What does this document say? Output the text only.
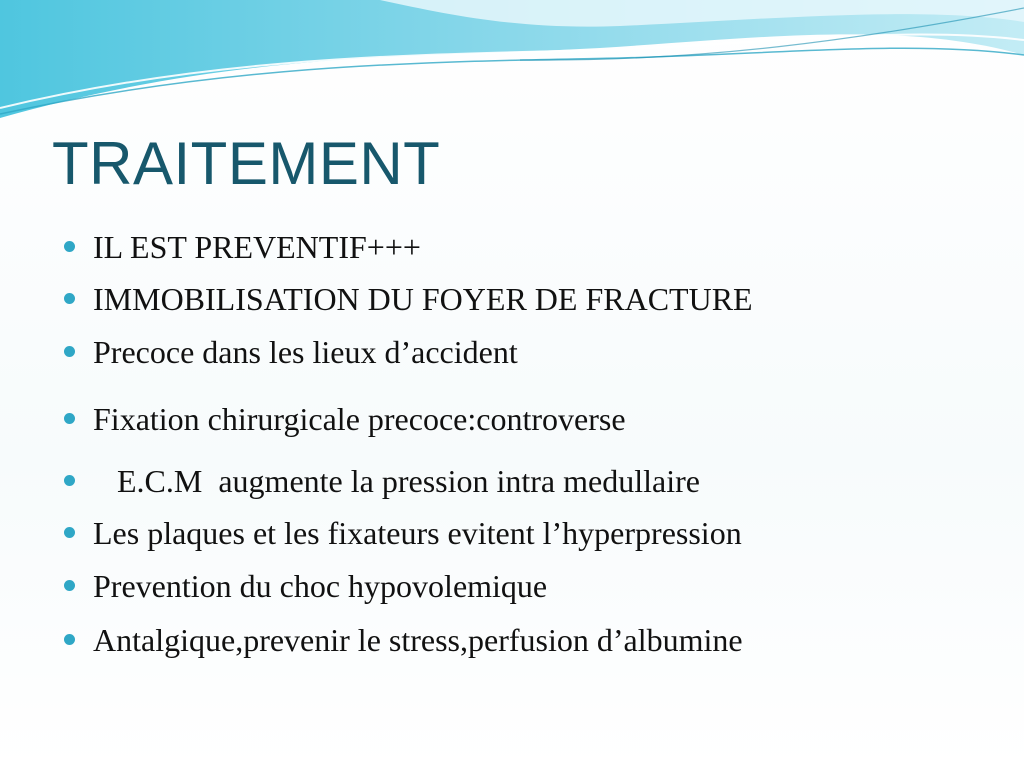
TRAITEMENT
IL EST PREVENTIF+++
IMMOBILISATION DU FOYER DE FRACTURE
Precoce dans les lieux d’accident
Fixation chirurgicale precoce:controverse
E.C.M  augmente la pression intra medullaire
Les plaques et les fixateurs evitent l’hyperpression
Prevention du choc hypovolemique
Antalgique,prevenir le stress,perfusion d’albumine
